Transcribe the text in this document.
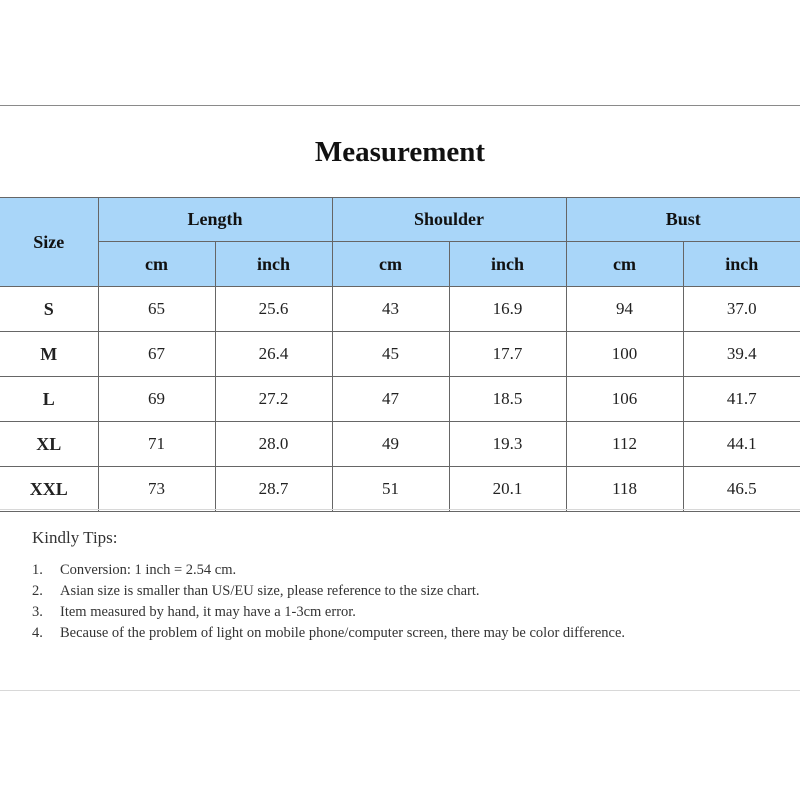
Measurement
Size	Length		Shoulder		Bust	
	cm	inch	cm	inch	cm	inch
S	65	25.6	43	16.9	94	37.0
M	67	26.4	45	17.7	100	39.4
L	69	27.2	47	18.5	106	41.7
XL	71	28.0	49	19.3	112	44.1
XXL	73	28.7	51	20.1	118	46.5
Kindly Tips:
1.	Conversion: 1 inch = 2.54 cm.
2.	Asian size is smaller than US/EU size, please reference to the size chart.
3.	Item measured by hand, it may have a 1-3cm error.
4.	Because of the problem of light on mobile phone/computer screen, there may be color difference.
